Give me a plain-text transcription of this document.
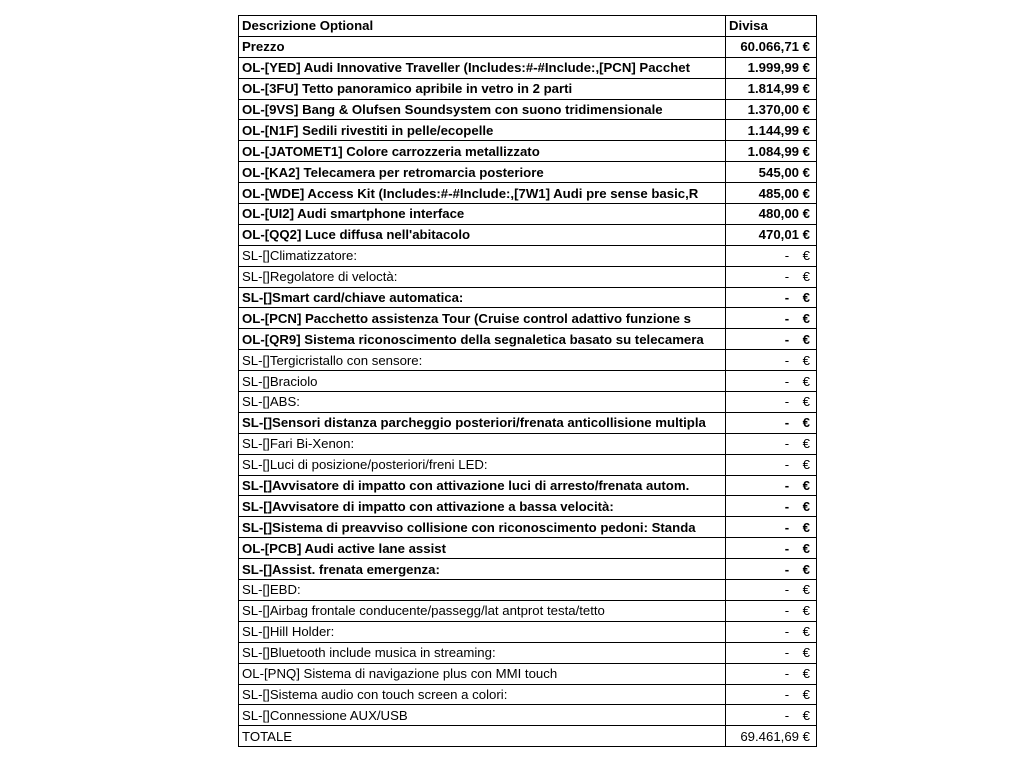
Descrizione Optional	Divisa
Prezzo	60.066,71 €
OL-[YED] Audi Innovative Traveller (Includes:#-#Include:,[PCN] Pacchet	1.999,99 €
OL-[3FU] Tetto panoramico apribile in vetro in 2 parti	1.814,99 €
OL-[9VS] Bang & Olufsen Soundsystem con suono tridimensionale	1.370,00 €
OL-[N1F] Sedili rivestiti in pelle/ecopelle	1.144,99 €
OL-[JATOMET1] Colore carrozzeria metallizzato	1.084,99 €
OL-[KA2] Telecamera per retromarcia posteriore	545,00 €
OL-[WDE] Access Kit (Includes:#-#Include:,[7W1] Audi pre sense basic,R	485,00 €
OL-[UI2] Audi smartphone interface	480,00 €
OL-[QQ2] Luce diffusa nell'abitacolo	470,01 €
SL-[]Climatizzatore:	- €
SL-[]Regolatore di veloctà:	- €
SL-[]Smart card/chiave automatica:	- €
OL-[PCN] Pacchetto assistenza Tour (Cruise control adattivo funzione s	- €
OL-[QR9] Sistema riconoscimento della segnaletica basato su telecamera	- €
SL-[]Tergicristallo con sensore:	- €
SL-[]Braciolo	- €
SL-[]ABS:	- €
SL-[]Sensori distanza parcheggio posteriori/frenata anticollisione multipla	- €
SL-[]Fari Bi-Xenon:	- €
SL-[]Luci di posizione/posteriori/freni LED:	- €
SL-[]Avvisatore di impatto con attivazione luci di arresto/frenata autom.	- €
SL-[]Avvisatore di impatto con attivazione a bassa velocità:	- €
SL-[]Sistema di preavviso collisione con riconoscimento pedoni: Standa	- €
OL-[PCB] Audi active lane assist	- €
SL-[]Assist. frenata emergenza:	- €
SL-[]EBD:	- €
SL-[]Airbag frontale conducente/passegg/lat antprot testa/tetto	- €
SL-[]Hill Holder:	- €
SL-[]Bluetooth include musica in streaming:	- €
OL-[PNQ] Sistema di navigazione plus con MMI touch	- €
SL-[]Sistema audio con touch screen a colori:	- €
SL-[]Connessione AUX/USB	- €
TOTALE	69.461,69 €
